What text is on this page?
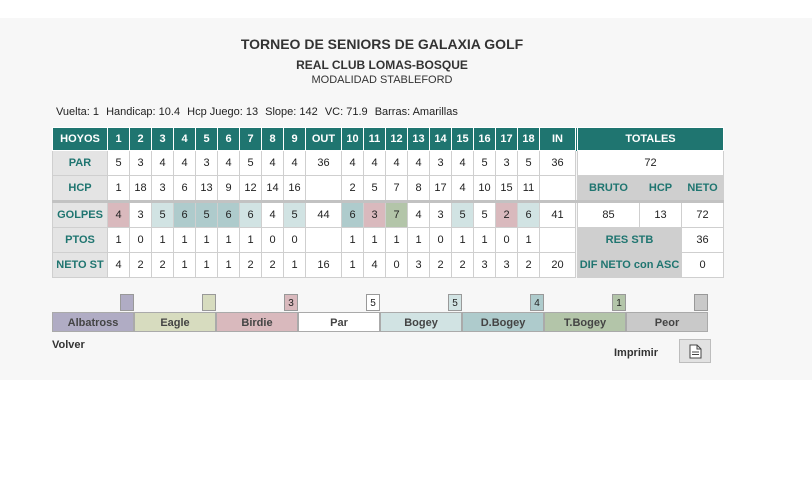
TORNEO DE SENIORS DE GALAXIA GOLF
REAL CLUB LOMAS-BOSQUE
MODALIDAD STABLEFORD
Vuelta: 1 Handicap: 10.4 Hcp Juego: 13 Slope: 142 VC: 71.9 Barras: Amarillas
HOYOS	1	2	3	4	5	6	7	8	9	OUT	10	11	12	13	14	15	16	17	18	IN		TOTALES		
PAR	5	3	4	4	3	4	5	4	4	36	4	4	4	4	3	4	5	3	5	36		72		
HCP	1	18	3	6	13	9	12	14	16		2	5	7	8	17	4	10	15	11			BRUTO	HCP	NETO
GOLPES	4	3	5	6	5	6	6	4	5	44	6	3	7	4	3	5	5	2	6	41		85	13	72
PTOS	1	0	1	1	1	1	1	0	0		1	1	1	1	0	1	1	0	1			RES STB		36
NETO ST	4	2	2	1	1	1	2	2	1	16	1	4	0	3	2	2	3	3	2	20		DIF NETO con ASC		0
Albatross	Eagle	Birdie
3
Par
5
Bogey
5
D.Bogey
4
T.Bogey
1
Peor
Volver
Imprimir
